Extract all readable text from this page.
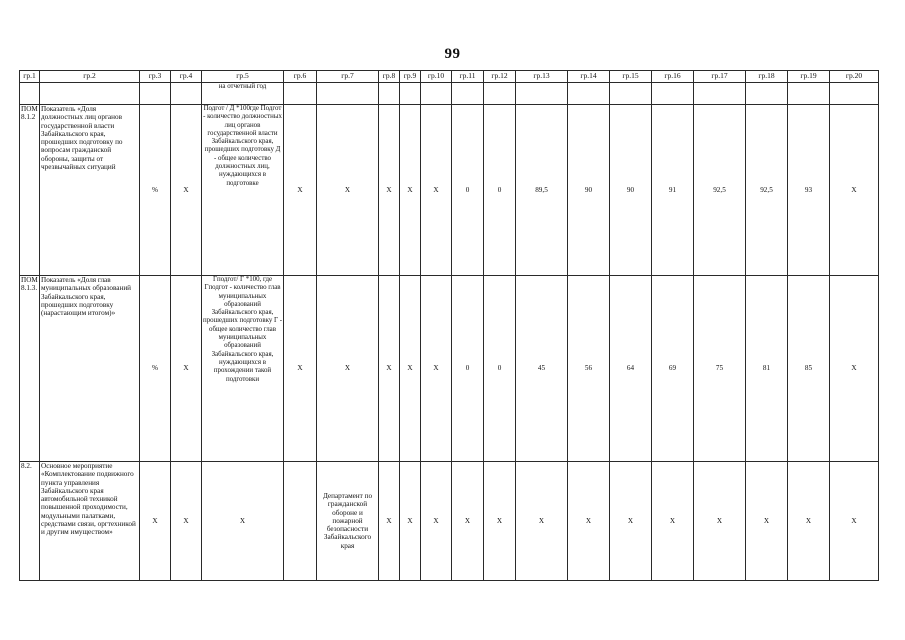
99
гр.1	гр.2	гр.3	гр.4	гр.5	гр.6	гр.7	гр.8	гр.9	гр.10	гр.11	гр.12	гр.13	гр.14	гр.15	гр.16	гр.17	гр.18	гр.19	гр.20
				на отчетный год															
ПОМ 8.1.2	Показатель «Доля должностных лиц органов государственной власти Забайкальского края, прошедших подготовку по вопросам гражданской обороны, защиты от чрезвычайных ситуаций	%	X	Подгот / Д *100где Подгот - количество должностных лиц органов государственной власти Забайкальского края, прошедших подготовку Д - общее количество должностных лиц, нуждающихся в подготовке	X	X	X	X	X	0	0	89,5	90	90	91	92,5	92,5	93	X
ПОМ 8.1.3.	Показатель «Доля глав муниципальных образований Забайкальского края, прошедших подготовку (нарастающим итогом)»	%	X	Гподгот/ Г *100, где Гподгот - количество глав муниципальных образований Забайкальского края, прошедших подготовку Г - общее количество глав муниципальных образований Забайкальского края, нуждающихся в прохождении такой подготовки	X	X	X	X	X	0	0	45	56	64	69	75	81	85	X
8.2.	Основное мероприятие «Комплектование подвижного пункта управления Забайкальского края автомобильной техникой повышенной проходимости, модульными палатками, средствами связи, оргтехникой и другим имуществом»	X	X	X		Департамент по гражданской обороне и пожарной безопасности Забайкальского края	X	X	X	X	X	X	X	X	X	X	X	X	X
